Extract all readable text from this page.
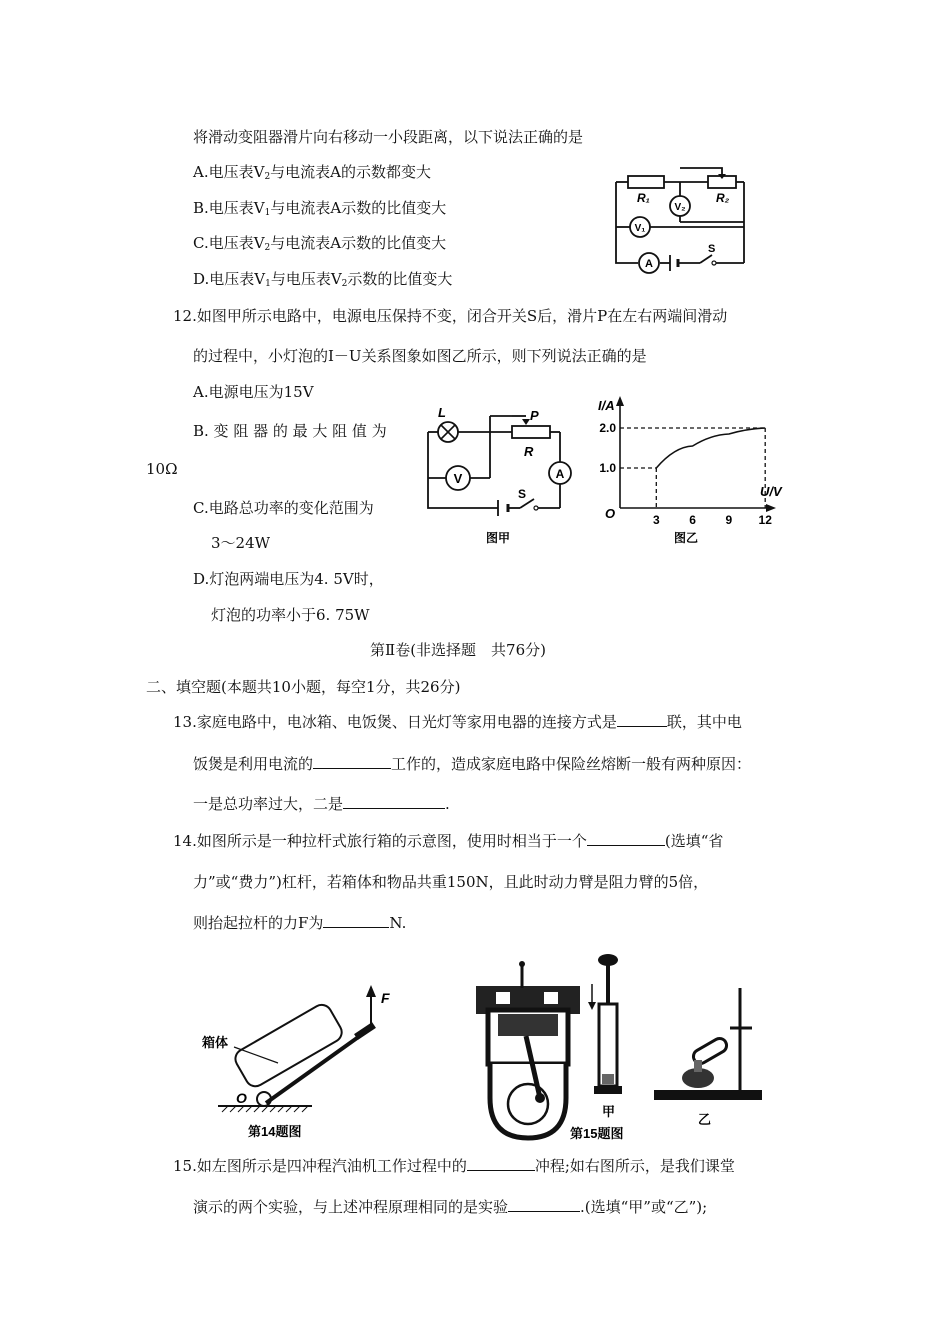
将滑动变阻器滑片向右移动一小段距离，以下说法正确的是
A.电压表$V_2$与电流表A的示数都变大
B.电压表$V_1$与电流表A示数的比值变大
C.电压表$V_2$与电流表A示数的比值变大
D.电压表$V_1$与电压表$V_2$示数的比值变大
R₁	R₂
V₂
V₁
A
S
12.如图甲所示电路中，电源电压保持不变，闭合开关S后，滑片P在左右两端间滑动
的过程中，小灯泡的I－U关系图象如图乙所示，则下列说法正确的是
A.电源电压为15V
B. 变 阻 器 的 最 大 阻 值 为
10Ω
C.电路总功率的变化范围为
3～24W
D.灯泡两端电压为4. 5V时，
灯泡的功率小于6. 75W
L	P
R
V	A
S
图甲
2.0
1.0
3 6 9 12
I/A
U/V
O
图乙
第Ⅱ卷(非选择题　共76分)
二、填空题(本题共10小题，每空1分，共26分)
13.家庭电路中，电冰箱、电饭煲、日光灯等家用电器的连接方式是	联，其中电
饭煲是利用电流的	工作的，造成家庭电路中保险丝熔断一般有两种原因：
一是总功率过大，二是	.
14.如图所示是一种拉杆式旅行箱的示意图，使用时相当于一个	(选填“省
力”或“费力”)杠杆，若箱体和物品共重150N，且此时动力臂是阻力臂的5倍，
则抬起拉杆的力F为	N.
F
箱体
O
第14题图
甲
乙
第15题图
15.如左图所示是四冲程汽油机工作过程中的	冲程;如右图所示，是我们课堂
演示的两个实验，与上述冲程原理相同的是实验	.(选填“甲”或“乙”);
